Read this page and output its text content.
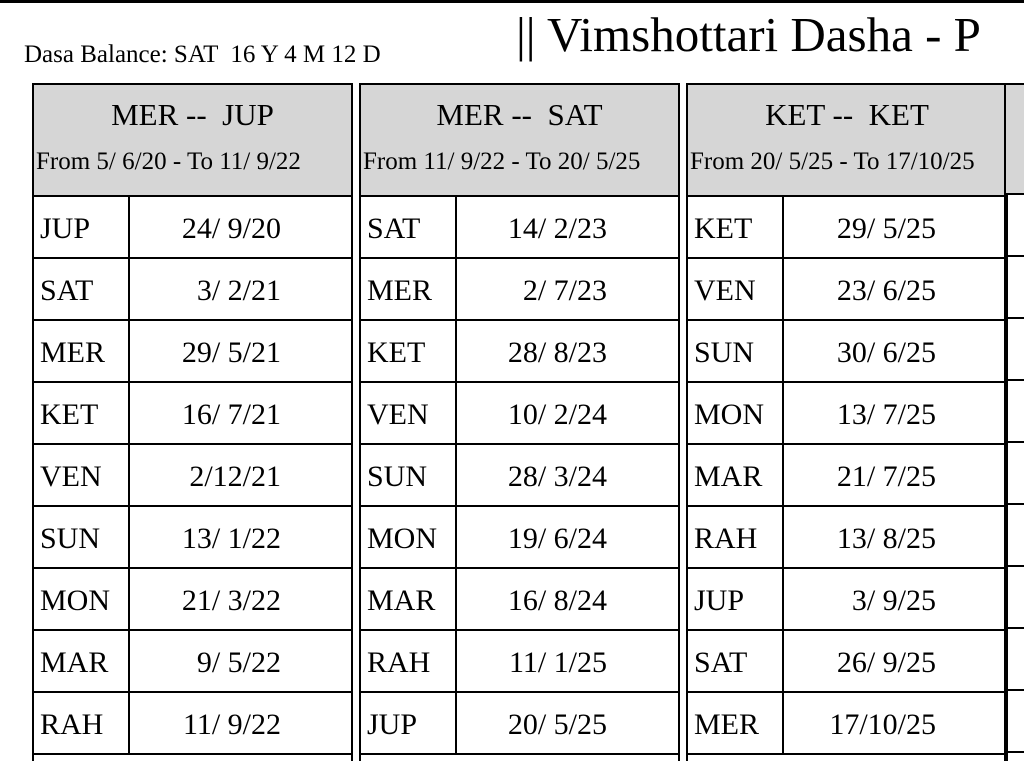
Dasa Balance: SAT  16 Y 4 M 12 D	|| Vimshottari Dasha - P
MER --  JUP
From 5/ 6/20 - To 11/ 9/22
JUP	24/ 9/20
SAT	3/ 2/21
MER	29/ 5/21
KET	16/ 7/21
VEN	2/12/21
SUN	13/ 1/22
MON 21/ 3/22
MAR	9/ 5/22
RAH	11/ 9/22
MER --  SAT
From 11/ 9/22 - To 20/ 5/25
SAT	14/ 2/23
MER	2/ 7/23
KET	28/ 8/23
VEN	10/ 2/24
SUN	28/ 3/24
MON 19/ 6/24
MAR 16/ 8/24
RAH	11/ 1/25
JUP	20/ 5/25
KET --  KET
From 20/ 5/25 - To 17/10/25
KET	29/ 5/25
VEN	23/ 6/25
SUN	30/ 6/25
MON 13/ 7/25
MAR 21/ 7/25
RAH	13/ 8/25
JUP	3/ 9/25
SAT	26/ 9/25
MER 17/10/25
